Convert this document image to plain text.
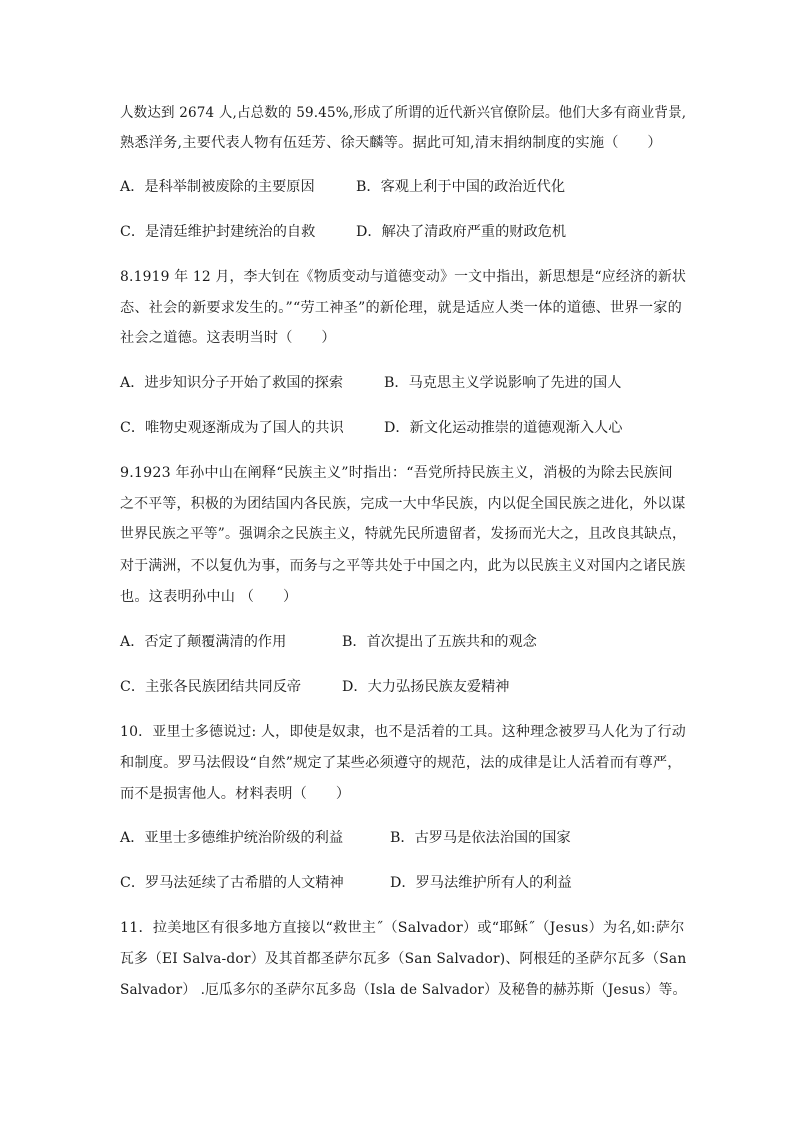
人数达到 2674 人,占总数的 59.45%,形成了所谓的近代新兴官僚阶层。他们大多有商业背景,
熟悉洋务,主要代表人物有伍廷芳、徐天麟等。据此可知,清末捐纳制度的实施（　　）
A．是科举制被废除的主要原因	B．客观上利于中国的政治近代化
C．是清廷维护封建统治的自救	D．解决了清政府严重的财政危机
8.1919 年 12 月，李大钊在《物质变动与道德变动》一文中指出，新思想是“应经济的新状
态、社会的新要求发生的。”“劳工神圣”的新伦理，就是适应人类一体的道德、世界一家的
社会之道德。这表明当时（　　）
A．进步知识分子开始了救国的探索	B．马克思主义学说影响了先进的国人
C．唯物史观逐渐成为了国人的共识	D．新文化运动推崇的道德观渐入人心
9.1923 年孙中山在阐释“民族主义”时指出：“吾党所持民族主义，消极的为除去民族间
之不平等，积极的为团结国内各民族，完成一大中华民族，内以促全国民族之进化，外以谋
世界民族之平等”。强调余之民族主义，特就先民所遗留者，发扬而光大之，且改良其缺点，
对于满洲，不以复仇为事，而务与之平等共处于中国之内，此为以民族主义对国内之诸民族
也。这表明孙中山 （　　）
A．否定了颠覆满清的作用	B．首次提出了五族共和的观念
C．主张各民族团结共同反帝	D．大力弘扬民族友爱精神
10．亚里士多德说过: 人，即使是奴隶，也不是活着的工具。这种理念被罗马人化为了行动
和制度。罗马法假设“自然”规定了某些必须遵守的规范，法的成律是让人活着而有尊严，
而不是损害他人。材料表明（　　）
A．亚里士多德维护统治阶级的利益	B．古罗马是依法治国的国家
C．罗马法延续了古希腊的人文精神	D．罗马法维护所有人的利益
11．拉美地区有很多地方直接以“救世主˝（Salvador）或“耶稣˝（Jesus）为名,如:萨尔
瓦多（EI Salva-dor）及其首都圣萨尔瓦多（San Salvador)、阿根廷的圣萨尔瓦多（San
Salvador） .厄瓜多尔的圣萨尔瓦多岛（Isla de Salvador）及秘鲁的赫苏斯（Jesus）等。
